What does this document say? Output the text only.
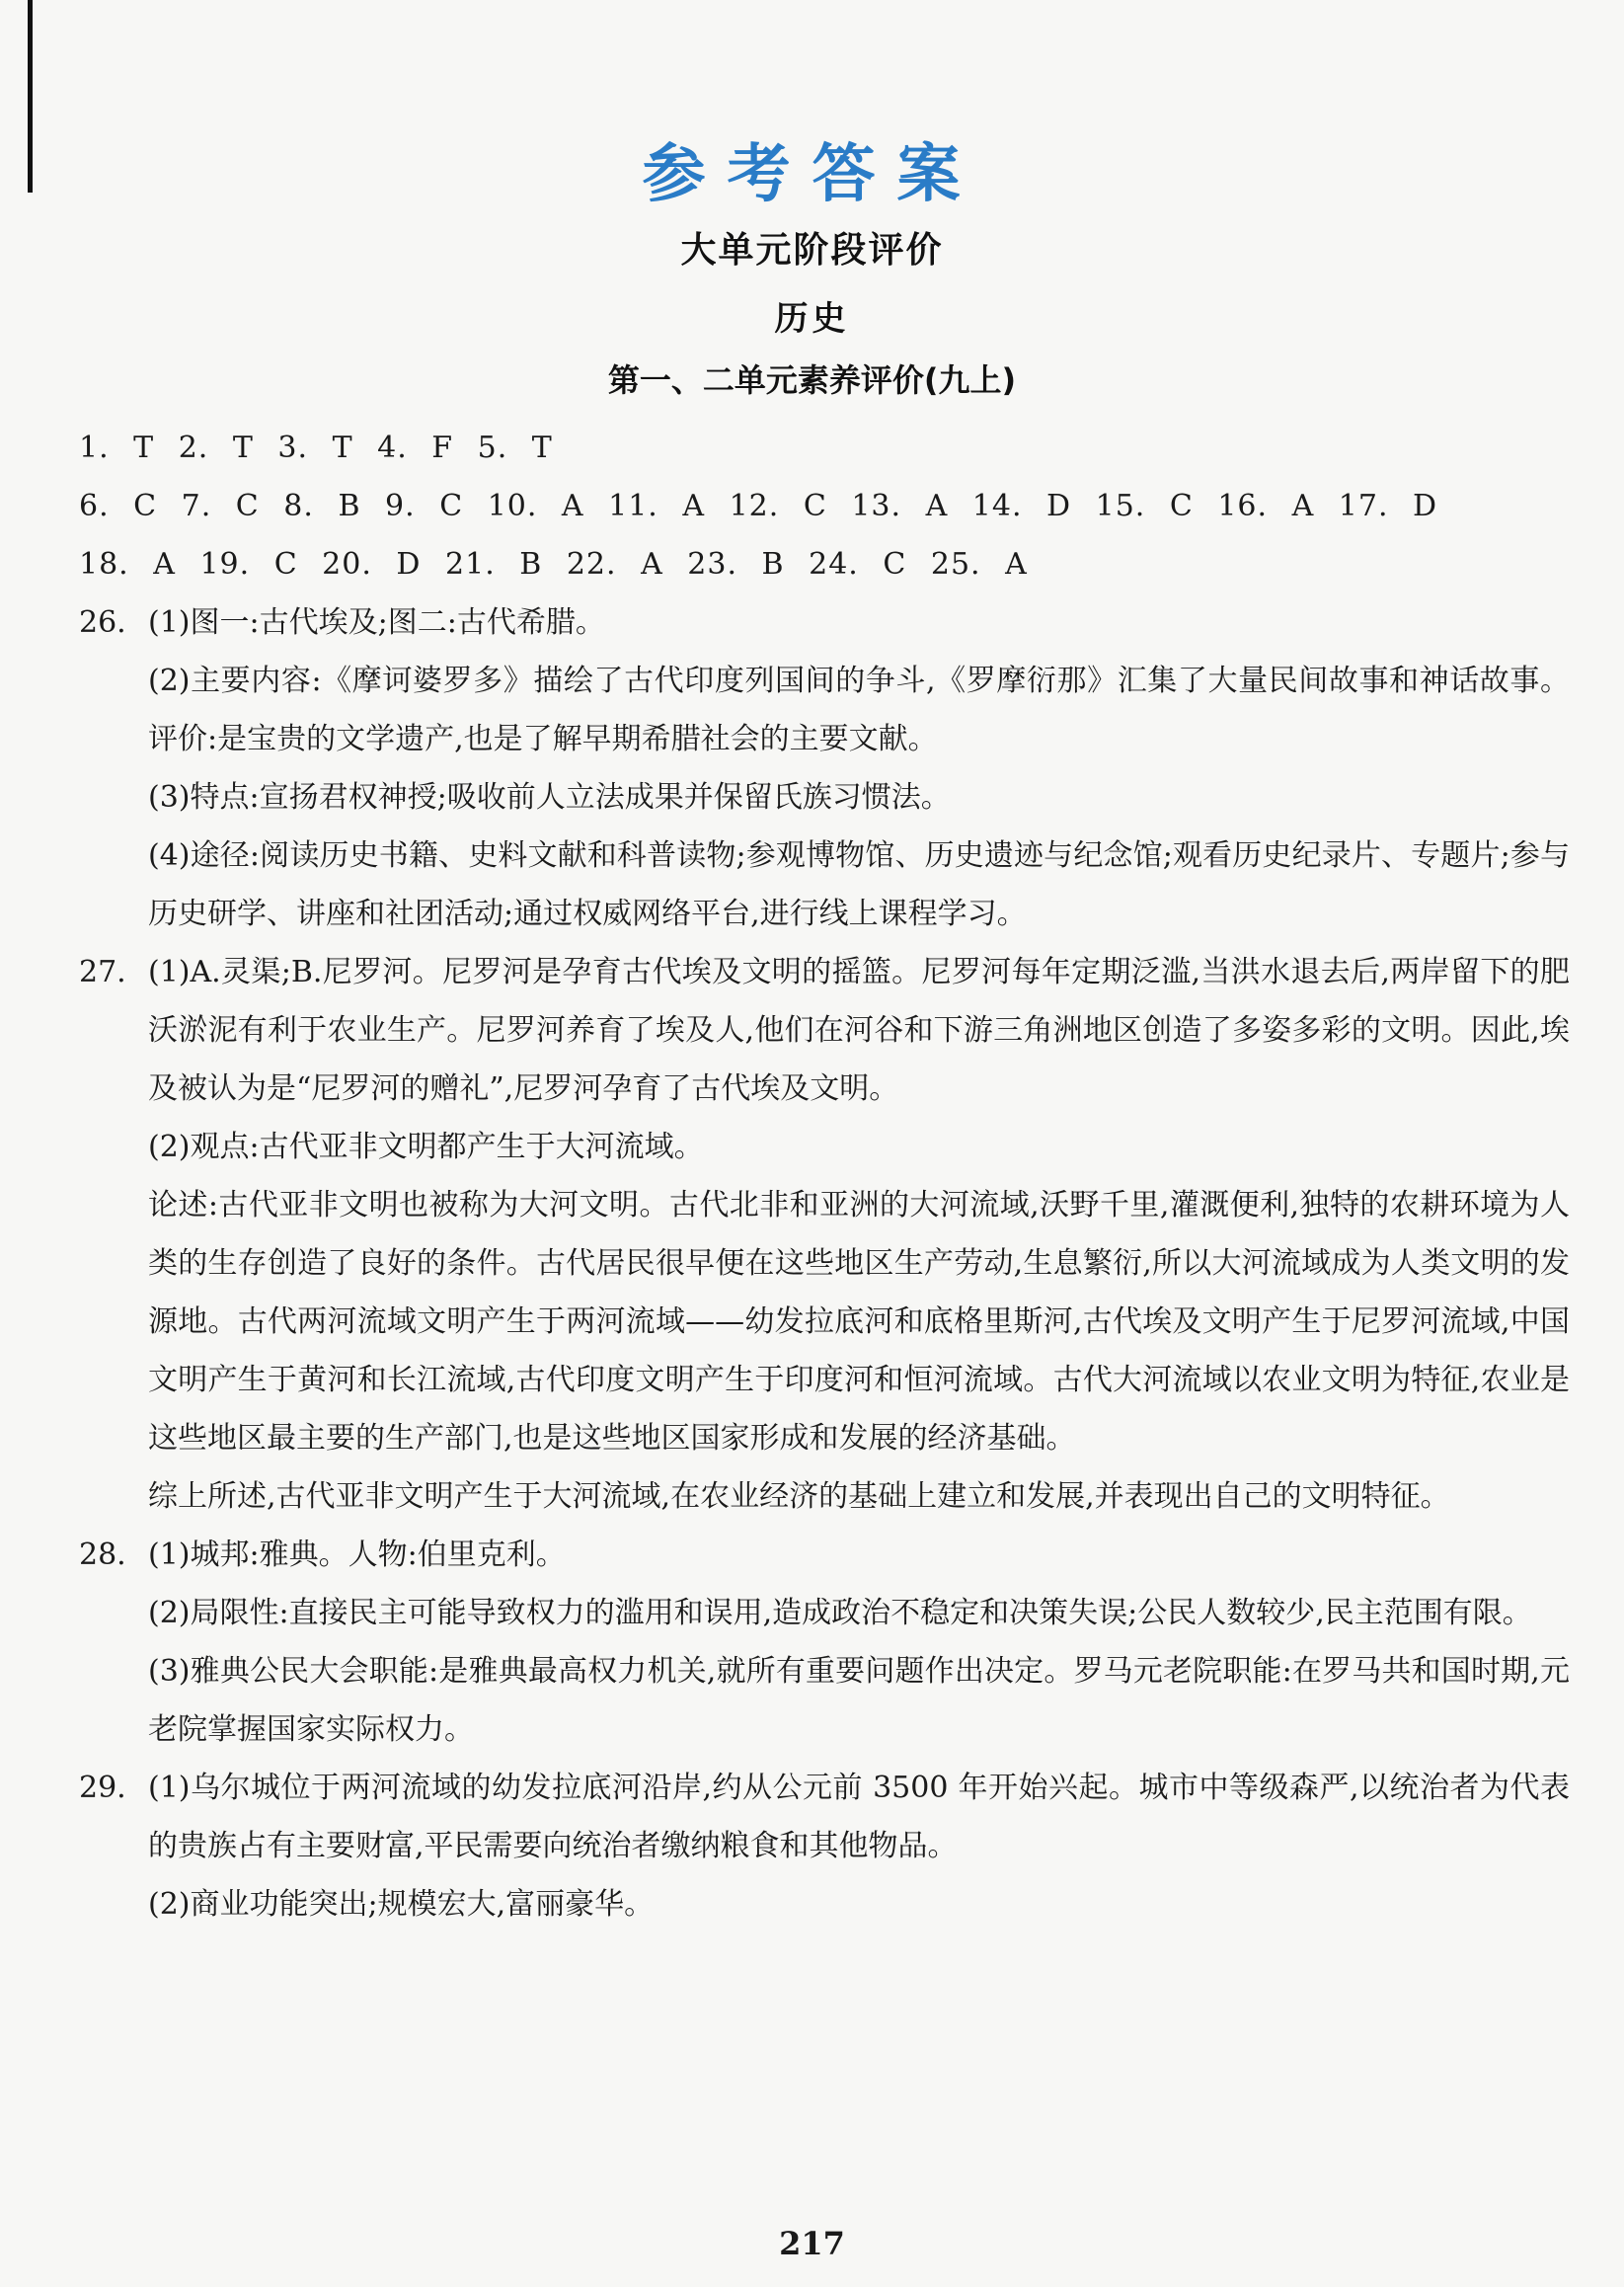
参考答案
大单元阶段评价
历史
第一、二单元素养评价(九上)
1. T 2. T 3. T 4. F 5. T
6. C 7. C 8. B 9. C 10. A 11. A 12. C 13. A 14. D 15. C 16. A 17. D
18. A 19. C 20. D 21. B 22. A 23. B 24. C 25. A
26. (1)图一:古代埃及;图二:古代希腊。

(2)主要内容:《摩诃婆罗多》描绘了古代印度列国间的争斗,《罗摩衍那》汇集了大量民间故事和神话故事。评价:是宝贵的文学遗产,也是了解早期希腊社会的主要文献。

(3)特点:宣扬君权神授;吸收前人立法成果并保留氏族习惯法。

(4)途径:阅读历史书籍、史料文献和科普读物;参观博物馆、历史遗迹与纪念馆;观看历史纪录片、专题片;参与历史研学、讲座和社团活动;通过权威网络平台,进行线上课程学习。

27. (1)A.灵渠;B.尼罗河。尼罗河是孕育古代埃及文明的摇篮。尼罗河每年定期泛滥,当洪水退去后,两岸留下的肥沃淤泥有利于农业生产。尼罗河养育了埃及人,他们在河谷和下游三角洲地区创造了多姿多彩的文明。因此,埃及被认为是“尼罗河的赠礼”,尼罗河孕育了古代埃及文明。

(2)观点:古代亚非文明都产生于大河流域。

论述:古代亚非文明也被称为大河文明。古代北非和亚洲的大河流域,沃野千里,灌溉便利,独特的农耕环境为人类的生存创造了良好的条件。古代居民很早便在这些地区生产劳动,生息繁衍,所以大河流域成为人类文明的发源地。古代两河流域文明产生于两河流域——幼发拉底河和底格里斯河,古代埃及文明产生于尼罗河流域,中国文明产生于黄河和长江流域,古代印度文明产生于印度河和恒河流域。古代大河流域以农业文明为特征,农业是这些地区最主要的生产部门,也是这些地区国家形成和发展的经济基础。

综上所述,古代亚非文明产生于大河流域,在农业经济的基础上建立和发展,并表现出自己的文明特征。

28. (1)城邦:雅典。人物:伯里克利。

(2)局限性:直接民主可能导致权力的滥用和误用,造成政治不稳定和决策失误;公民人数较少,民主范围有限。

(3)雅典公民大会职能:是雅典最高权力机关,就所有重要问题作出决定。罗马元老院职能:在罗马共和国时期,元老院掌握国家实际权力。

29. (1)乌尔城位于两河流域的幼发拉底河沿岸,约从公元前 3500 年开始兴起。城市中等级森严,以统治者为代表的贵族占有主要财富,平民需要向统治者缴纳粮食和其他物品。

(2)商业功能突出;规模宏大,富丽豪华。

217
